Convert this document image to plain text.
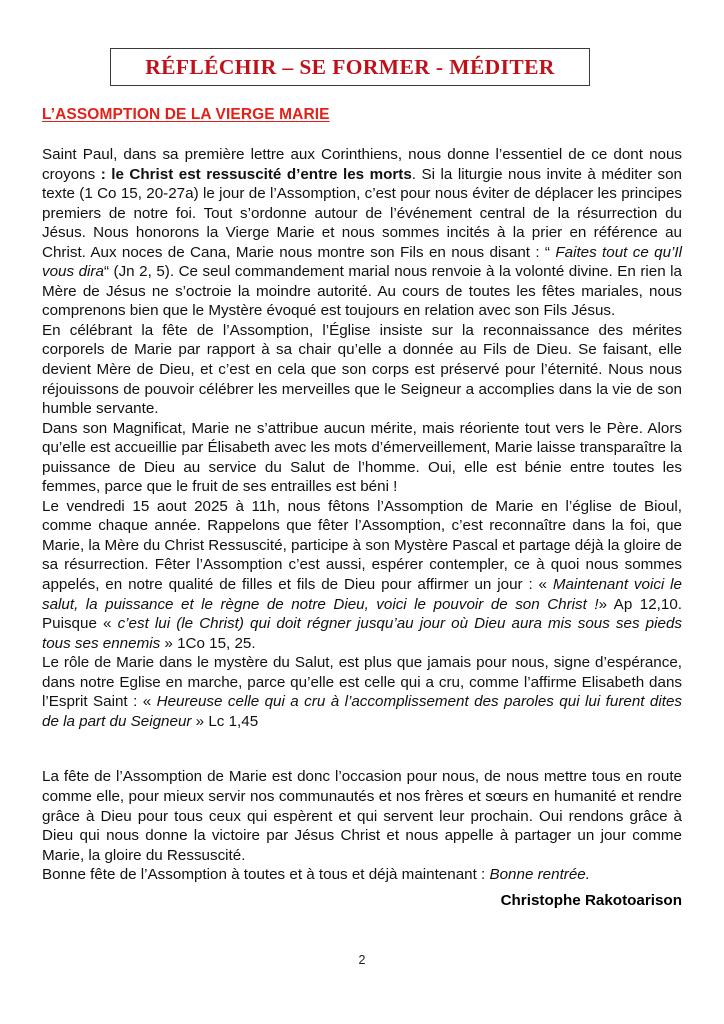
RÉFLÉCHIR – SE FORMER - MÉDITER
L’ASSOMPTION DE LA VIERGE MARIE

Saint Paul, dans sa première lettre aux Corinthiens, nous donne l’essentiel de ce dont nous croyons : le Christ est ressuscité d’entre les morts. Si la liturgie nous invite à méditer son texte (1 Co 15, 20-27a) le jour de l’Assomption, c’est pour nous éviter de déplacer les principes premiers de notre foi. Tout s’ordonne autour de l’événement central de la résurrection du Jésus. Nous honorons la Vierge Marie et nous sommes incités à la prier en référence au Christ. Aux noces de Cana, Marie nous montre son Fils en nous disant : “ Faites tout ce qu’Il vous dira“ (Jn 2, 5). Ce seul commandement marial nous renvoie à la volonté divine. En rien la Mère de Jésus ne s’octroie la moindre autorité. Au cours de toutes les fêtes mariales, nous comprenons bien que le Mystère évoqué est toujours en relation avec son Fils Jésus.

En célébrant la fête de l’Assomption, l’Église insiste sur la reconnaissance des mérites corporels de Marie par rapport à sa chair qu’elle a donnée au Fils de Dieu. Se faisant, elle devient Mère de Dieu, et c’est en cela que son corps est préservé pour l’éternité. Nous nous réjouissons de pouvoir célébrer les merveilles que le Seigneur a accomplies dans la vie de son humble servante.

Dans son Magnificat, Marie ne s’attribue aucun mérite, mais réoriente tout vers le Père. Alors qu’elle est accueillie par Élisabeth avec les mots d’émerveillement, Marie laisse transparaître la puissance de Dieu au service du Salut de l’homme. Oui, elle est bénie entre toutes les femmes, parce que le fruit de ses entrailles est béni !

Le vendredi 15 aout 2025 à 11h, nous fêtons l’Assomption de Marie en l’église de Bioul, comme chaque année. Rappelons que fêter l’Assomption, c’est reconnaître dans la foi, que Marie, la Mère du Christ Ressuscité, participe à son Mystère Pascal et partage déjà la gloire de sa résurrection. Fêter l’Assomption c’est aussi, espérer contempler, ce à quoi nous sommes appelés, en notre qualité de filles et fils de Dieu pour affirmer un jour : « Maintenant voici le salut, la puissance et le règne de notre Dieu, voici le pouvoir de son Christ !» Ap 12,10. Puisque « c’est lui (le Christ) qui doit régner jusqu’au jour où Dieu aura mis sous ses pieds tous ses ennemis » 1Co 15, 25.

Le rôle de Marie dans le mystère du Salut, est plus que jamais pour nous, signe d’espérance, dans notre Eglise en marche, parce qu’elle est celle qui a cru, comme l’affirme Elisabeth dans l’Esprit Saint : « Heureuse celle qui a cru à l’accomplissement des paroles qui lui furent dites de la part du Seigneur » Lc 1,45

La fête de l’Assomption de Marie est donc l’occasion pour nous, de nous mettre tous en route comme elle, pour mieux servir nos communautés et nos frères et sœurs en humanité et rendre grâce à Dieu pour tous ceux qui espèrent et qui servent leur prochain. Oui rendons grâce à Dieu qui nous donne la victoire par Jésus Christ et nous appelle à partager un jour comme Marie, la gloire du Ressuscité.

Bonne fête de l’Assomption à toutes et à tous et déjà maintenant : Bonne rentrée.

Christophe Rakotoarison

2
